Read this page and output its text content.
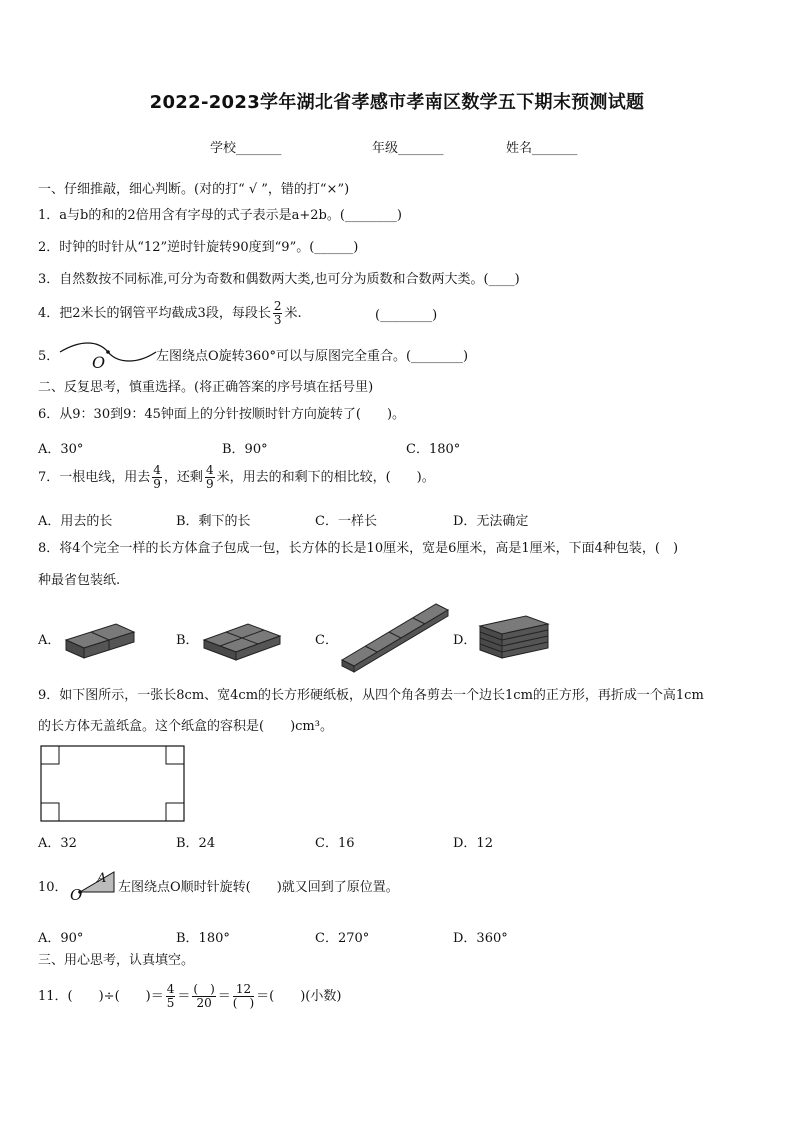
2022-2023学年湖北省孝感市孝南区数学五下期末预测试题
学校_______	年级_______	姓名_______
一、仔细推敲，细心判断。(对的打“ √ ”，错的打“×”)
1．a与b的和的2倍用含有字母的式子表示是a+2b。(________)
2．时钟的时针从“12”逆时针旋转90度到“9”。(______)
3．自然数按不同标准,可分为奇数和偶数两大类,也可分为质数和合数两大类。(____)
4．把2米长的钢管平均截成3段，每段长 $\frac{2}{3}$ 米.	(________)
5． O	左图绕点O旋转360°可以与原图完全重合。(________)
二、反复思考，慎重选择。(将正确答案的序号填在括号里)
6．从9：30到9：45钟面上的分针按顺时针方向旋转了(　　)。
A．30°	B．90°	C．180°
7．一根电线，用去 $\frac{4}{9}$ ，还剩 $\frac{4}{9}$ 米，用去的和剩下的相比较，(　　)。
A．用去的长	B．剩下的长	C．一样长	D．无法确定
8．将4个完全一样的长方体盒子包成一包，长方体的长是10厘米，宽是6厘米，高是1厘米，下面4种包装，(　)
种最省包装纸.
A．	B．	C．	D．
9．如下图所示，一张长8cm、宽4cm的长方形硬纸板，从四个角各剪去一个边长1cm的正方形，再折成一个高1cm
的长方体无盖纸盒。这个纸盒的容积是(　　)cm³。
A．32	B．24	C．16	D．12
10．
A
O	左图绕点O顺时针旋转(　　)就又回到了原位置。
A．90°	B．180°	C．270°	D．360°
三、用心思考，认真填空。
11．(　　)÷(　　)＝ $\frac{4}{5} = \frac{( )}{20} = \frac{12}{( )}$ ＝(　　)(小数)
